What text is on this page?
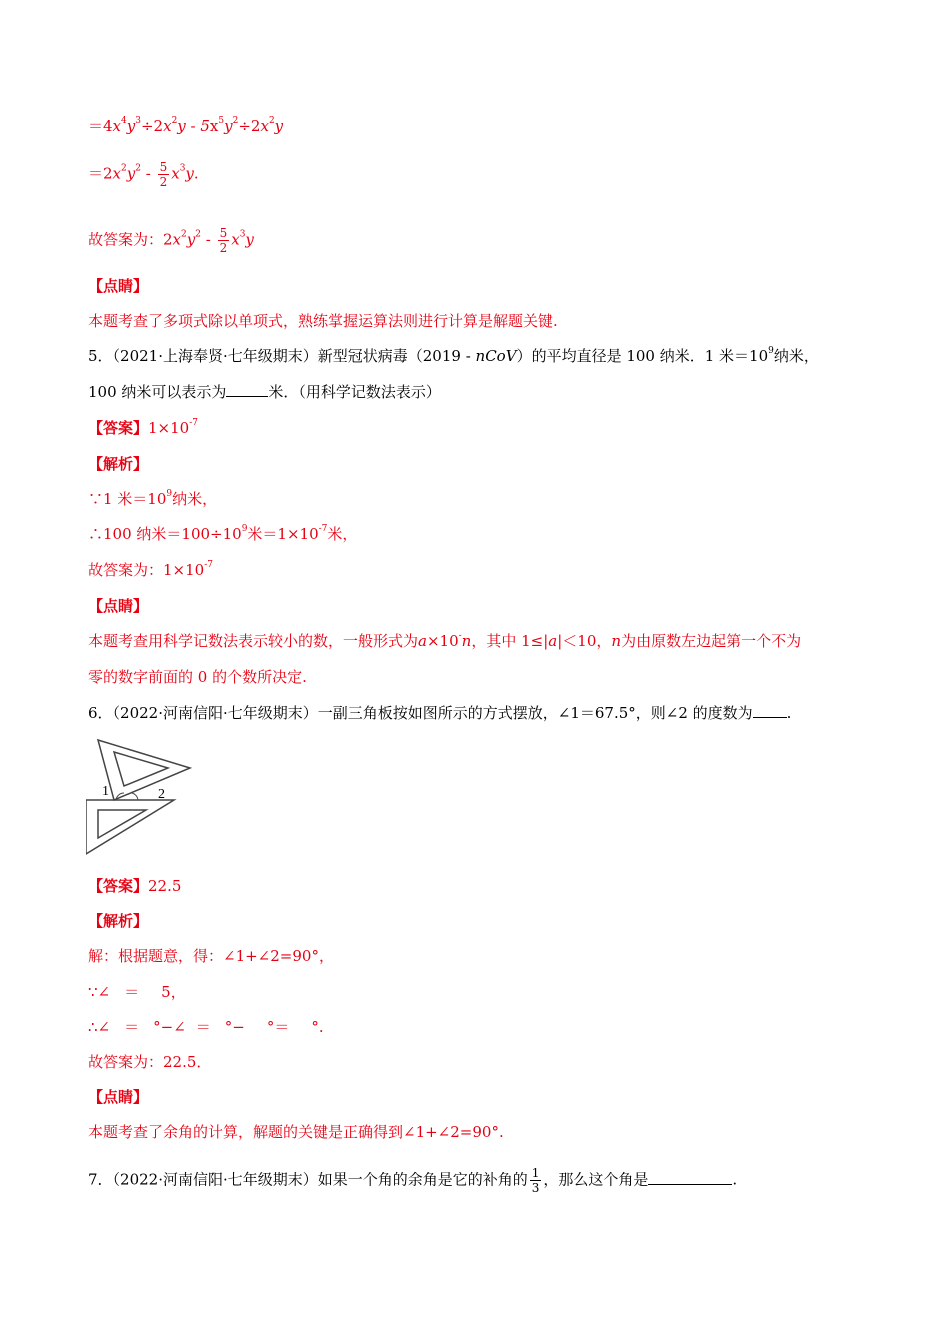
$=4x^4y^3\div 2x^2y - 5x^5y^2\div 2x^2y$
$=2x^2y^2 - \frac{5}{2} x^3y$.
故答案为：$2x^2y^2 - \frac{5}{2} x^3y$
【点睛】
本题考查了多项式除以单项式，熟练掌握运算法则进行计算是解题关键.
5．（2021·上海奉贤·七年级期末）新型冠状病毒（2019 - nCoV）的平均直径是 100 纳米．1 米$=10^9$纳米，
100 纳米可以表示为	米．（用科学记数法表示）
【答案】$1\times 10^{-7}$
【解析】
∵1 米$=10^9$纳米，
∴100 纳米$=100\div 10^9$米$=1\times 10^{-7}$米，
故答案为：$1\times 10^{-7}$
【点睛】
本题考查用科学记数法表示较小的数，一般形式为a×10-n，其中 1≤|a|＜10，n为由原数左边起第一个不为
零的数字前面的 0 的个数所决定.
6．（2022·河南信阳·七年级期末）一副三角板按如图所示的方式摆放，∠1＝67.5°，则∠2 的度数为 .
1	2
【答案】22.5
【解析】
解：根据题意，得：∠1+∠2=90°，
∵∠ ＝ 5，
∴∠ ＝ °−∠ ＝ °− °＝ °.
故答案为：22.5．
【点睛】
本题考查了余角的计算，解题的关键是正确得到∠1+∠2=90°.
7．（2022·河南信阳·七年级期末）如果一个角的余角是它的补角的 $\frac{1}{3}$ ，那么这个角是	.
